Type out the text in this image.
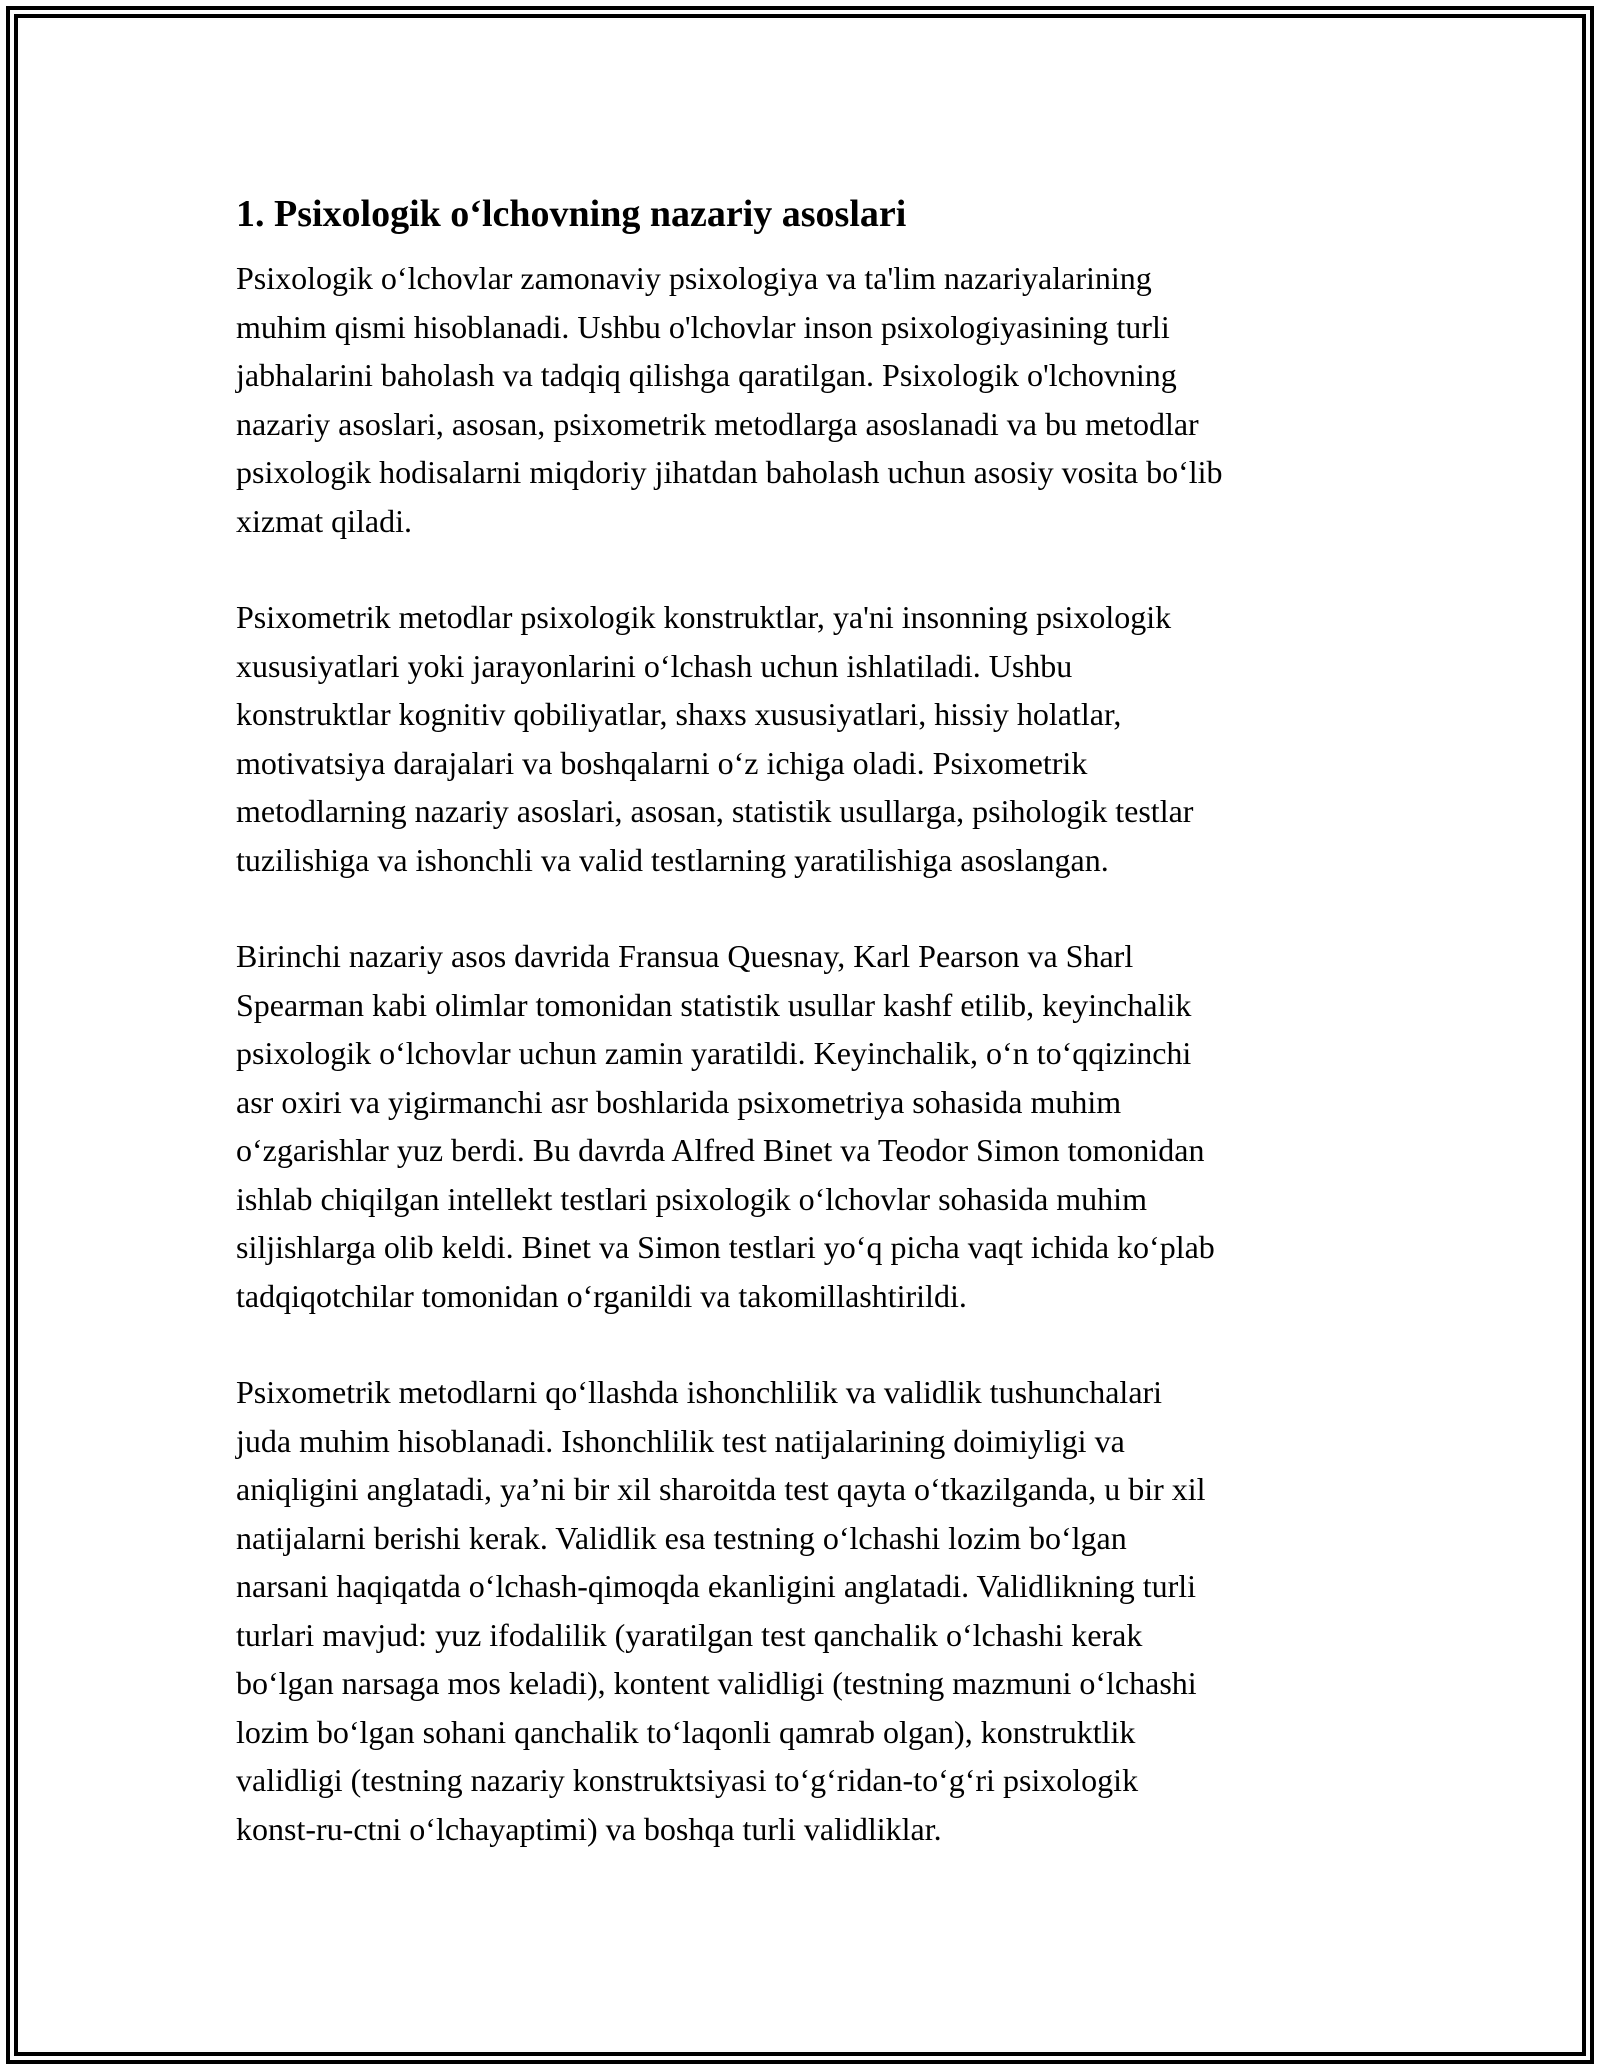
1. Psixologik o‘lchovning nazariy asoslari

Psixologik o‘lchovlar zamonaviy psixologiya va ta'lim nazariyalarining
muhim qismi hisoblanadi. Ushbu o'lchovlar inson psixologiyasining turli
jabhalarini baholash va tadqiq qilishga qaratilgan. Psixologik o'lchovning
nazariy asoslari, asosan, psixometrik metodlarga asoslanadi va bu metodlar
psixologik hodisalarni miqdoriy jihatdan baholash uchun asosiy vosita bo‘lib
xizmat qiladi.

Psixometrik metodlar psixologik konstruktlar, ya'ni insonning psixologik
xususiyatlari yoki jarayonlarini o‘lchash uchun ishlatiladi. Ushbu
konstruktlar kognitiv qobiliyatlar, shaxs xususiyatlari, hissiy holatlar,
motivatsiya darajalari va boshqalarni o‘z ichiga oladi. Psixometrik
metodlarning nazariy asoslari, asosan, statistik usullarga, psihologik testlar
tuzilishiga va ishonchli va valid testlarning yaratilishiga asoslangan.

Birinchi nazariy asos davrida Fransua Quesnay, Karl Pearson va Sharl
Spearman kabi olimlar tomonidan statistik usullar kashf etilib, keyinchalik
psixologik o‘lchovlar uchun zamin yaratildi. Keyinchalik, o‘n to‘qqizinchi
asr oxiri va yigirmanchi asr boshlarida psixometriya sohasida muhim
o‘zgarishlar yuz berdi. Bu davrda Alfred Binet va Teodor Simon tomonidan
ishlab chiqilgan intellekt testlari psixologik o‘lchovlar sohasida muhim
siljishlarga olib keldi. Binet va Simon testlari yo‘q picha vaqt ichida ko‘plab
tadqiqotchilar tomonidan o‘rganildi va takomillashtirildi.

Psixometrik metodlarni qo‘llashda ishonchlilik va validlik tushunchalari
juda muhim hisoblanadi. Ishonchlilik test natijalarining doimiyligi va
aniqligini anglatadi, ya’ni bir xil sharoitda test qayta o‘tkazilganda, u bir xil
natijalarni berishi kerak. Validlik esa testning o‘lchashi lozim bo‘lgan
narsani haqiqatda o‘lchash-qimoqda ekanligini anglatadi. Validlikning turli
turlari mavjud: yuz ifodalilik (yaratilgan test qanchalik o‘lchashi kerak
bo‘lgan narsaga mos keladi), kontent validligi (testning mazmuni o‘lchashi
lozim bo‘lgan sohani qanchalik to‘laqonli qamrab olgan), konstruktlik
validligi (testning nazariy konstruktsiyasi to‘g‘ridan-to‘g‘ri psixologik
konst-ru-ctni o‘lchayaptimi) va boshqa turli validliklar.
